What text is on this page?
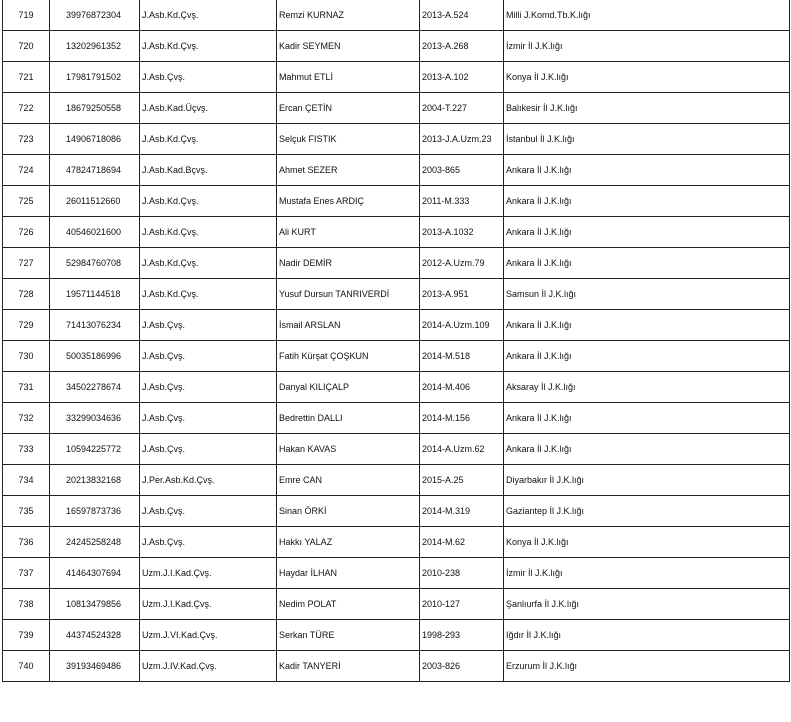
719	39976872304	J.Asb.Kd.Çvş.	Remzi KURNAZ	2013-A.524	Milli J.Komd.Tb.K.lığı
720	13202961352	J.Asb.Kd.Çvş.	Kadir SEYMEN	2013-A.268	İzmir İl J.K.lığı
721	17981791502	J.Asb.Çvş.	Mahmut ETLİ	2013-A.102	Konya İl J.K.lığı
722	18679250558	J.Asb.Kad.Üçvş.	Ercan ÇETİN	2004-T.227	Balıkesir İl J.K.lığı
723	14906718086	J.Asb.Kd.Çvş.	Selçuk FISTIK	2013-J.A.Uzm.23	İstanbul İl J.K.lığı
724	47824718694	J.Asb.Kad.Bçvş.	Ahmet SEZER	2003-865	Ankara İl J.K.lığı
725	26011512660	J.Asb.Kd.Çvş.	Mustafa Enes ARDIÇ	2011-M.333	Ankara İl J.K.lığı
726	40546021600	J.Asb.Kd.Çvş.	Ali KURT	2013-A.1032	Ankara İl J.K.lığı
727	52984760708	J.Asb.Kd.Çvş.	Nadir DEMİR	2012-A.Uzm.79	Ankara İl J.K.lığı
728	19571144518	J.Asb.Kd.Çvş.	Yusuf Dursun TANRIVERDİ	2013-A.951	Samsun İl J.K.lığı
729	71413076234	J.Asb.Çvş.	İsmail ARSLAN	2014-A.Uzm.109	Ankara İl J.K.lığı
730	50035186996	J.Asb.Çvş.	Fatih Kürşat ÇOŞKUN	2014-M.518	Ankara İl J.K.lığı
731	34502278674	J.Asb.Çvş.	Danyal KILIÇALP	2014-M.406	Aksaray İl J.K.lığı
732	33299034636	J.Asb.Çvş.	Bedrettin DALLI	2014-M.156	Ankara İl J.K.lığı
733	10594225772	J.Asb.Çvş.	Hakan KAVAS	2014-A.Uzm.62	Ankara İl J.K.lığı
734	20213832168	J.Per.Asb.Kd.Çvş.	Emre CAN	2015-A.25	Diyarbakır İl J.K.lığı
735	16597873736	J.Asb.Çvş.	Sinan ÖRKİ	2014-M.319	Gaziantep İl J.K.lığı
736	24245258248	J.Asb.Çvş.	Hakkı YALAZ	2014-M.62	Konya İl J.K.lığı
737	41464307694	Uzm.J.I.Kad.Çvş.	Haydar İLHAN	2010-238	İzmir İl J.K.lığı
738	10813479856	Uzm.J.I.Kad.Çvş.	Nedim POLAT	2010-127	Şanlıurfa İl J.K.lığı
739	44374524328	Uzm.J.VI.Kad.Çvş.	Serkan TÜRE	1998-293	Iğdır İl J.K.lığı
740	39193469486	Uzm.J.IV.Kad.Çvş.	Kadir TANYERİ	2003-826	Erzurum İl J.K.lığı
